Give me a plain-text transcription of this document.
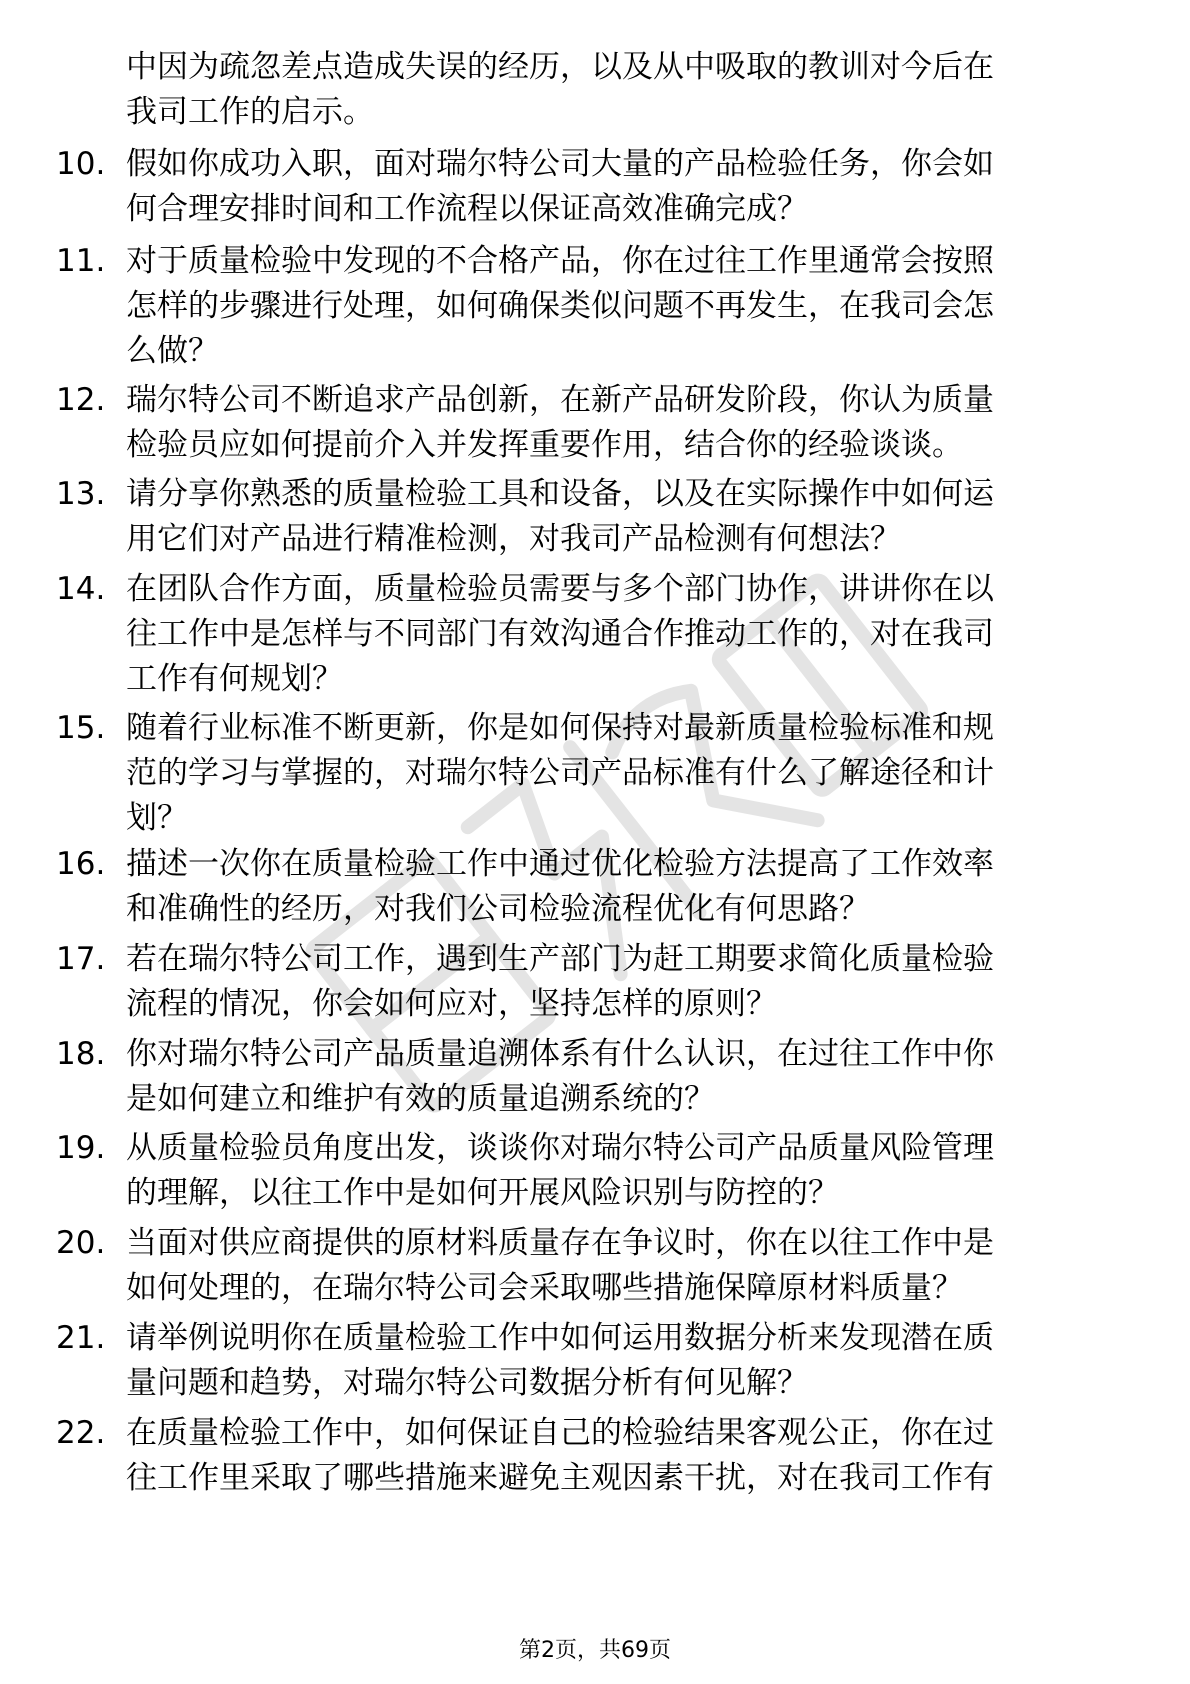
中因为疏忽差点造成失误的经历，以及从中吸取的教训对今后在
我司工作的启示。
10. 假如你成功入职，面对瑞尔特公司大量的产品检验任务，你会如
何合理安排时间和工作流程以保证高效准确完成？
11. 对于质量检验中发现的不合格产品，你在过往工作里通常会按照
怎样的步骤进行处理，如何确保类似问题不再发生，在我司会怎
么做？
12. 瑞尔特公司不断追求产品创新，在新产品研发阶段，你认为质量
检验员应如何提前介入并发挥重要作用，结合你的经验谈谈。
13. 请分享你熟悉的质量检验工具和设备，以及在实际操作中如何运
用它们对产品进行精准检测，对我司产品检测有何想法？
14. 在团队合作方面，质量检验员需要与多个部门协作，讲讲你在以
往工作中是怎样与不同部门有效沟通合作推动工作的，对在我司
工作有何规划？
15. 随着行业标准不断更新，你是如何保持对最新质量检验标准和规
范的学习与掌握的，对瑞尔特公司产品标准有什么了解途径和计
划？
16. 描述一次你在质量检验工作中通过优化检验方法提高了工作效率
和准确性的经历，对我们公司检验流程优化有何思路？
17. 若在瑞尔特公司工作，遇到生产部门为赶工期要求简化质量检验
流程的情况，你会如何应对，坚持怎样的原则？
18. 你对瑞尔特公司产品质量追溯体系有什么认识，在过往工作中你
是如何建立和维护有效的质量追溯系统的？
19. 从质量检验员角度出发，谈谈你对瑞尔特公司产品质量风险管理
的理解，以往工作中是如何开展风险识别与防控的？
20. 当面对供应商提供的原材料质量存在争议时，你在以往工作中是
如何处理的，在瑞尔特公司会采取哪些措施保障原材料质量？
21. 请举例说明你在质量检验工作中如何运用数据分析来发现潜在质
量问题和趋势，对瑞尔特公司数据分析有何见解？
22. 在质量检验工作中，如何保证自己的检验结果客观公正，你在过
往工作里采取了哪些措施来避免主观因素干扰，对在我司工作有
第2页，共69页
